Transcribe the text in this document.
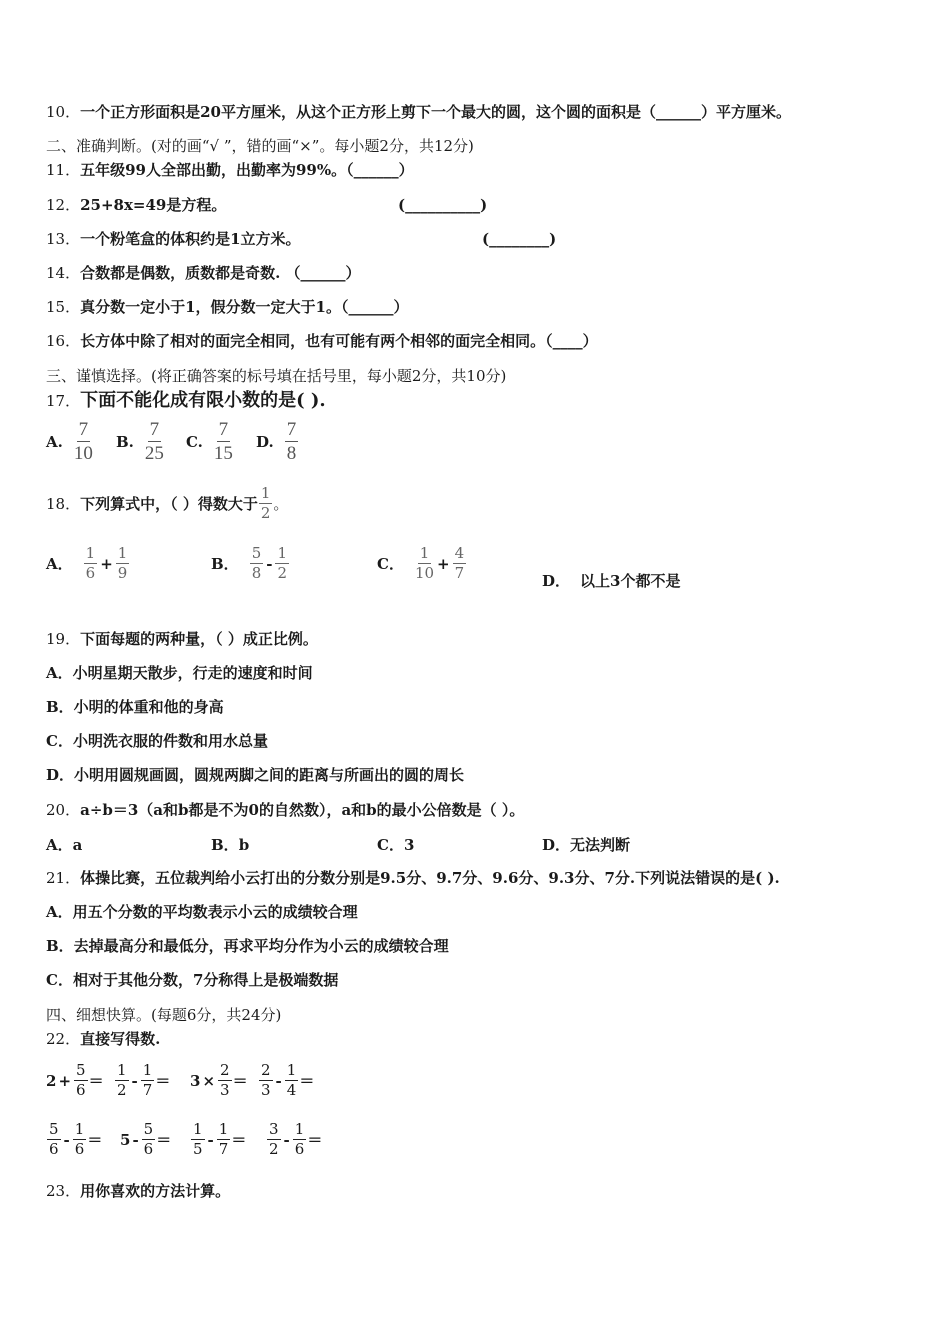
10．一个正方形面积是20平方厘米，从这个正方形上剪下一个最大的圆，这个圆的面积是（______）平方厘米。
二、准确判断。(对的画“√ ”，错的画“×”。每小题2分，共12分)
11．五年级99人全部出勤，出勤率为99%。（______）
12．25+8x=49是方程。	(__________)
13．一个粉笔盒的体积约是1立方米。	(________)
14．合数都是偶数，质数都是奇数. （______）
15．真分数一定小于1，假分数一定大于1。（______）
16．长方体中除了相对的面完全相同，也有可能有两个相邻的面完全相同。（____）
三、谨慎选择。(将正确答案的标号填在括号里，每小题2分，共10分)
17．下面不能化成有限小数的是( ).
A. $\frac{7}{10} B$. $\frac{7}{25} C$. $\frac{7}{15} D$. $\frac{7}{8}$
18． 下列算式中，（ ）得数大于 $\frac{1}{2}$ 。
A． $\frac{1}{6} + \frac{1}{9}$	B． $\frac{5}{8} - \frac{1}{2}$	C． $\frac{1}{10} + \frac{4}{7}$	D． 以上3个都不是
19．下面每题的两种量，（ ）成正比例。
A．小明星期天散步，行走的速度和时间
B．小明的体重和他的身高
C．小明洗衣服的件数和用水总量
D．小明用圆规画圆，圆规两脚之间的距离与所画出的圆的周长
20．a÷b＝3（a和b都是不为0的自然数），a和b的最小公倍数是（ ）。
A． a	B． b	C． 3	D． 无法判断
21．体操比赛，五位裁判给小云打出的分数分别是9.5分、9.7分、9.6分、9.3分、7分.下列说法错误的是( ).
A．用五个分数的平均数表示小云的成绩较合理
B．去掉最高分和最低分，再求平均分作为小云的成绩较合理
C．相对于其他分数，7分称得上是极端数据
四、细想快算。(每题6分，共24分)
22．直接写得数.
$2 + \frac{5}{6} = \frac{1}{2} - \frac{1}{7} = 3 \times \frac{2}{3} = \frac{2}{3} - \frac{1}{4}$ ＝
$\frac{5}{6} - \frac{1}{6} = 5 - \frac{5}{6} = \frac{1}{5} - \frac{1}{7} = \frac{3}{2} - \frac{1}{6}$ ＝
23．用你喜欢的方法计算。
